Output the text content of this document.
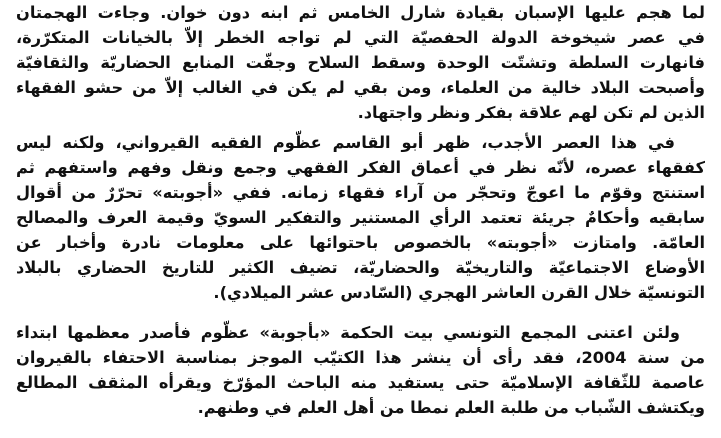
لما هجم عليها الإسبان بقيادة شارل الخامس ثم ابنه دون خوان. وجاءت الهجمتان
في عصر شيخوخة الدولة الحفصيّة التي لم تواجه الخطر إلاّ بالخيانات المتكرّرة،
فانهارت السلطة وتشتّت الوحدة وسقط السلاح وجفّت المنابع الحضاريّة والثقافيّة
وأصبحت البلاد خالية من العلماء، ومن بقي لم يكن في الغالب إلاّ من حشو الفقهاء
الذين لم تكن لهم علاقة بفكر ونظر واجتهاد.
في هذا العصر الأجدب، ظهر أبو القاسم عظّوم الفقيه القيرواني، ولكنه ليس
كفقهاء عصره، لأنّه نظر في أعماق الفكر الفقهي وجمع ونقل وفهم واستفهم ثم
استنتج وقوّم ما اعوجّ وتحجّر من آراء فقهاء زمانه. ففي «أجوبته» تحرّرٌ من أقوال
سابقيه وأحكامٌ جريئة تعتمد الرأي المستنير والتفكير السويّ وقيمة العرف والمصالح
العامّة. وامتازت «أجوبته» بالخصوص باحتوائها على معلومات نادرة وأخبار عن
الأوضاع الاجتماعيّة والتاريخيّة والحضاريّة، تضيف الكثير للتاريخ الحضاري بالبلاد
التونسيّة خلال القرن العاشر الهجري (السّادس عشر الميلادي).
ولئن اعتنى المجمع التونسي بيت الحكمة «بأجوبة» عظّوم فأصدر معظمها ابتداء
من سنة 2004، فقد رأى أن ينشر هذا الكتيّب الموجز بمناسبة الاحتفاء بالقيروان
عاصمة للثّقافة الإسلاميّة حتى يستفيد منه الباحث المؤرّخ ويقرأه المثقف المطالع
ويكتشف الشّباب من طلبة العلم نمطا من أهل العلم في وطنهم.
